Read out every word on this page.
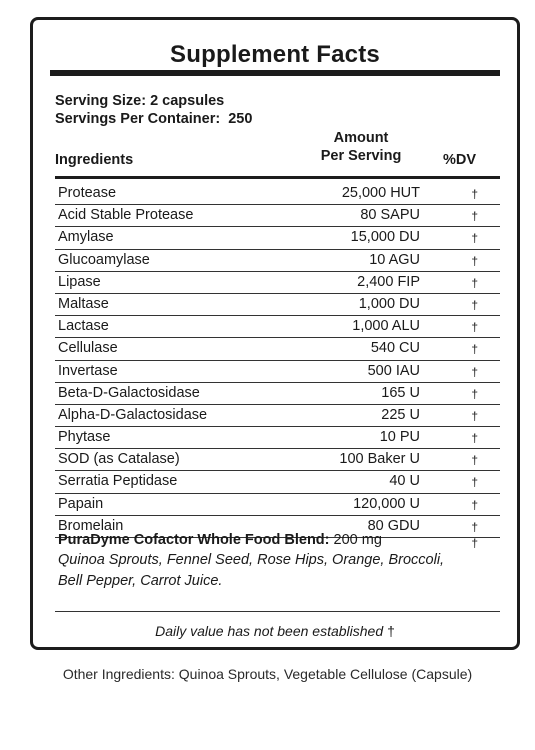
Supplement Facts
Serving Size: 2 capsules
Servings Per Container: 250
Ingredients
Amount
Per Serving	%DV
Protease	25,000 HUT	†
Acid Stable Protease	80 SAPU	†
Amylase	15,000 DU	†
Glucoamylase	10 AGU	†
Lipase	2,400 FIP	†
Maltase	1,000 DU	†
Lactase	1,000 ALU	†
Cellulase	540 CU	†
Invertase	500 IAU	†
Beta-D-Galactosidase	165 U	†
Alpha-D-Galactosidase	225 U	†
Phytase	10 PU	†
SOD (as Catalase)	100 Baker U	†
Serratia Peptidase	40 U	†
Papain	120,000 U	†
Bromelain	80 GDU	†
PuraDyme Cofactor Whole Food Blend: 200 mg	†
Quinoa Sprouts, Fennel Seed, Rose Hips, Orange, Broccoli,
Bell Pepper, Carrot Juice.
Daily value has not been established †
Other Ingredients: Quinoa Sprouts, Vegetable Cellulose (Capsule)
